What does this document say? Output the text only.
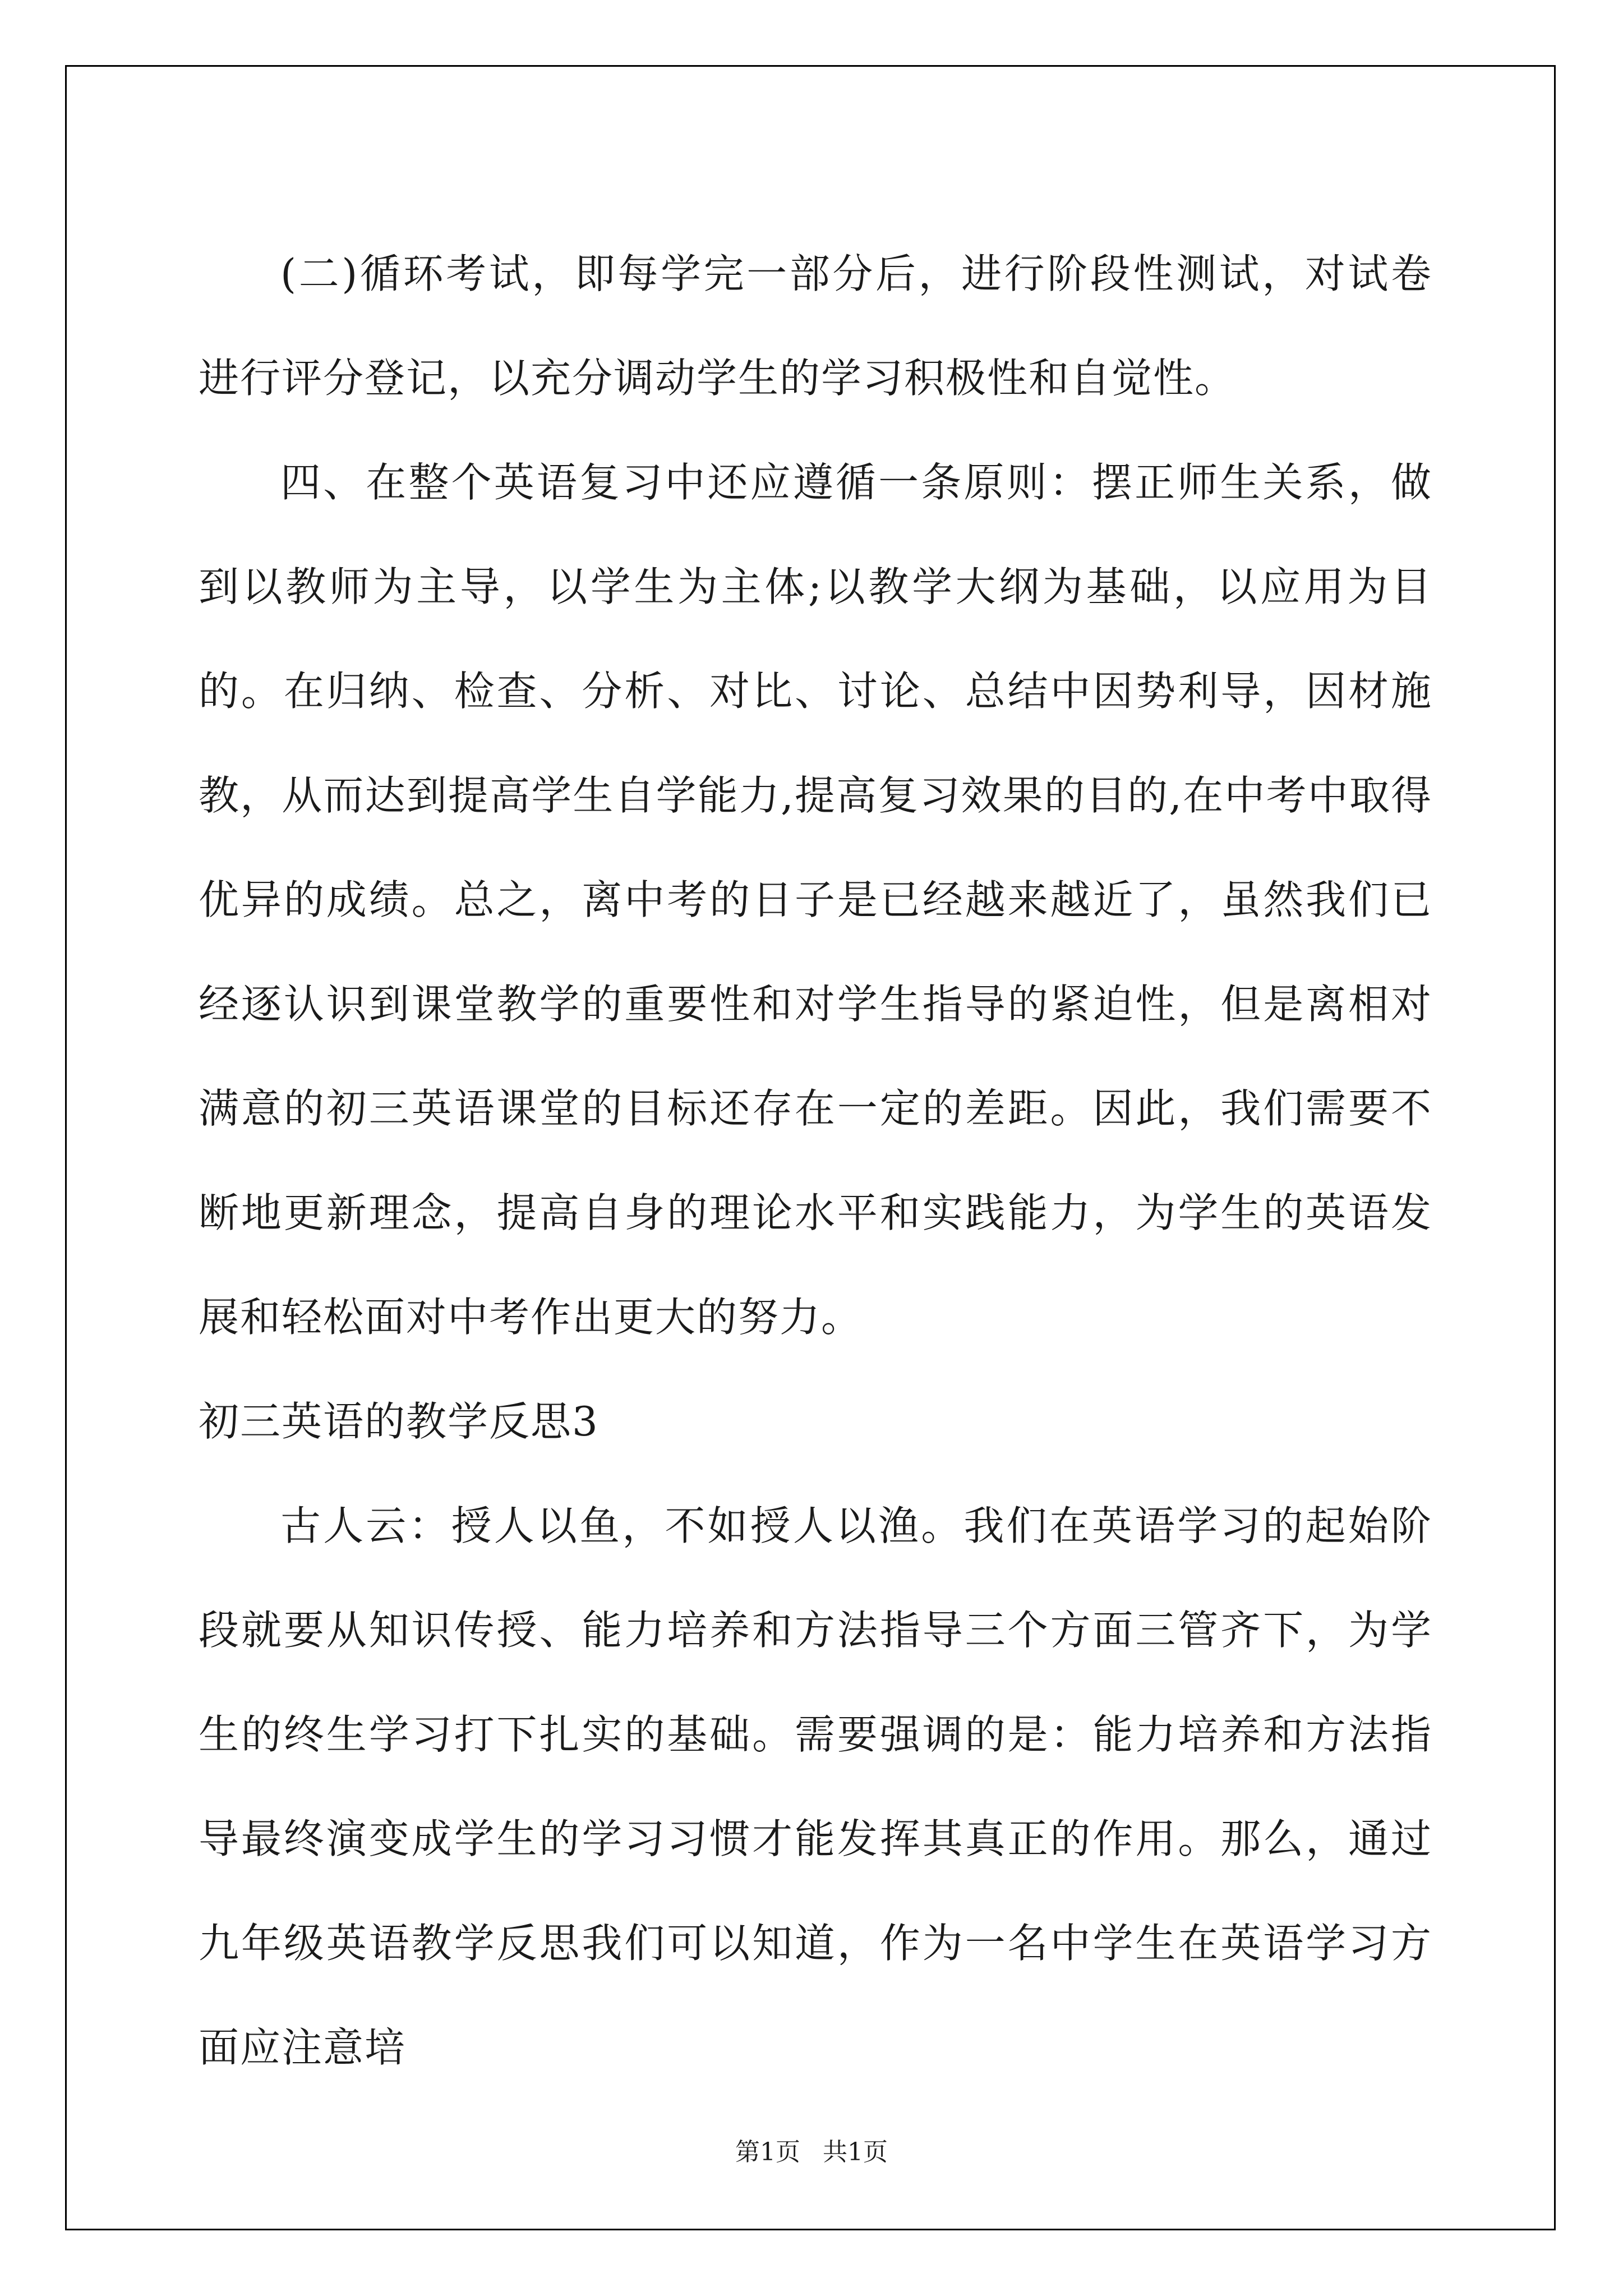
(二)循环考试，即每学完一部分后，进行阶段性测试，对试卷进行评分登记，以充分调动学生的学习积极性和自觉性。

四、在整个英语复习中还应遵循一条原则：摆正师生关系，做到以教师为主导，以学生为主体;以教学大纲为基础，以应用为目的。在归纳、检查、分析、对比、讨论、总结中因势利导，因材施教，从而达到提高学生自学能力,提高复习效果的目的,在中考中取得优异的成绩。总之，离中考的日子是已经越来越近了，虽然我们已经逐认识到课堂教学的重要性和对学生指导的紧迫性，但是离相对满意的初三英语课堂的目标还存在一定的差距。因此，我们需要不断地更新理念，提高自身的理论水平和实践能力，为学生的英语发展和轻松面对中考作出更大的努力。

初三英语的教学反思3

古人云：授人以鱼，不如授人以渔。我们在英语学习的起始阶段就要从知识传授、能力培养和方法指导三个方面三管齐下，为学生的终生学习打下扎实的基础。需要强调的是：能力培养和方法指导最终演变成学生的学习习惯才能发挥其真正的作用。那么，通过九年级英语教学反思我们可以知道，作为一名中学生在英语学习方面应注意培

第1页 共1页
